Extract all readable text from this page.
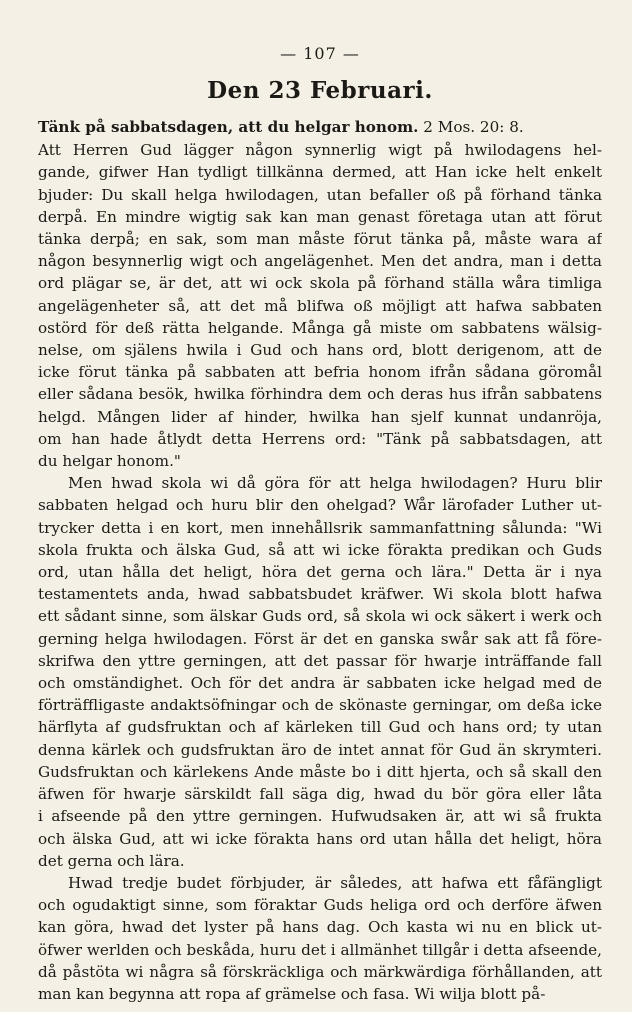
— 107 —
Den 23 Februari.
Tänk på sabbatsdagen, att du helgar honom. 2 Mos. 20: 8.
Att Herren Gud lägger någon synnerlig wigt på hwilodagens hel-
gande, gifwer Han tydligt tillkänna dermed, att Han icke helt enkelt
bjuder: Du skall helga hwilodagen, utan befaller oß på förhand tänka
derpå. En mindre wigtig sak kan man genast företaga utan att förut
tänka derpå; en sak, som man måste förut tänka på, måste wara af
någon besynnerlig wigt och angelägenhet. Men det andra, man i detta
ord plägar se, är det, att wi ock skola på förhand ställa wåra timliga
angelägenheter så, att det må blifwa oß möjligt att hafwa sabbaten
ostörd för deß rätta helgande. Många gå miste om sabbatens wälsig-
nelse, om själens hwila i Gud och hans ord, blott derigenom, att de
icke förut tänka på sabbaten att befria honom ifrån sådana göromål
eller sådana besök, hwilka förhindra dem och deras hus ifrån sabbatens
helgd. Mången lider af hinder, hwilka han sjelf kunnat undanröja,
om han hade åtlydt detta Herrens ord: "Tänk på sabbatsdagen, att
du helgar honom."
Men hwad skola wi då göra för att helga hwilodagen? Huru blir
sabbaten helgad och huru blir den ohelgad? Wår lärofader Luther ut-
trycker detta i en kort, men innehållsrik sammanfattning sålunda: "Wi
skola frukta och älska Gud, så att wi icke förakta predikan och Guds
ord, utan hålla det heligt, höra det gerna och lära." Detta är i nya
testamentets anda, hwad sabbatsbudet kräfwer. Wi skola blott hafwa
ett sådant sinne, som älskar Guds ord, så skola wi ock säkert i werk och
gerning helga hwilodagen. Först är det en ganska swår sak att få före-
skrifwa den yttre gerningen, att det passar för hwarje inträffande fall
och omständighet. Och för det andra är sabbaten icke helgad med de
förträffligaste andaktsöfningar och de skönaste gerningar, om deßa icke
härflyta af gudsfruktan och af kärleken till Gud och hans ord; ty utan
denna kärlek och gudsfruktan äro de intet annat för Gud än skrymteri.
Gudsfruktan och kärlekens Ande måste bo i ditt hjerta, och så skall den
äfwen för hwarje särskildt fall säga dig, hwad du bör göra eller låta
i afseende på den yttre gerningen. Hufwudsaken är, att wi så frukta
och älska Gud, att wi icke förakta hans ord utan hålla det heligt, höra
det gerna och lära.
Hwad tredje budet förbjuder, är således, att hafwa ett fåfängligt
och ogudaktigt sinne, som föraktar Guds heliga ord och derföre äfwen
kan göra, hwad det lyster på hans dag. Och kasta wi nu en blick ut-
öfwer werlden och beskåda, huru det i allmänhet tillgår i detta afseende,
då påstöta wi några så förskräckliga och märkwärdiga förhållanden, att
man kan begynna att ropa af grämelse och fasa. Wi wilja blott på-
